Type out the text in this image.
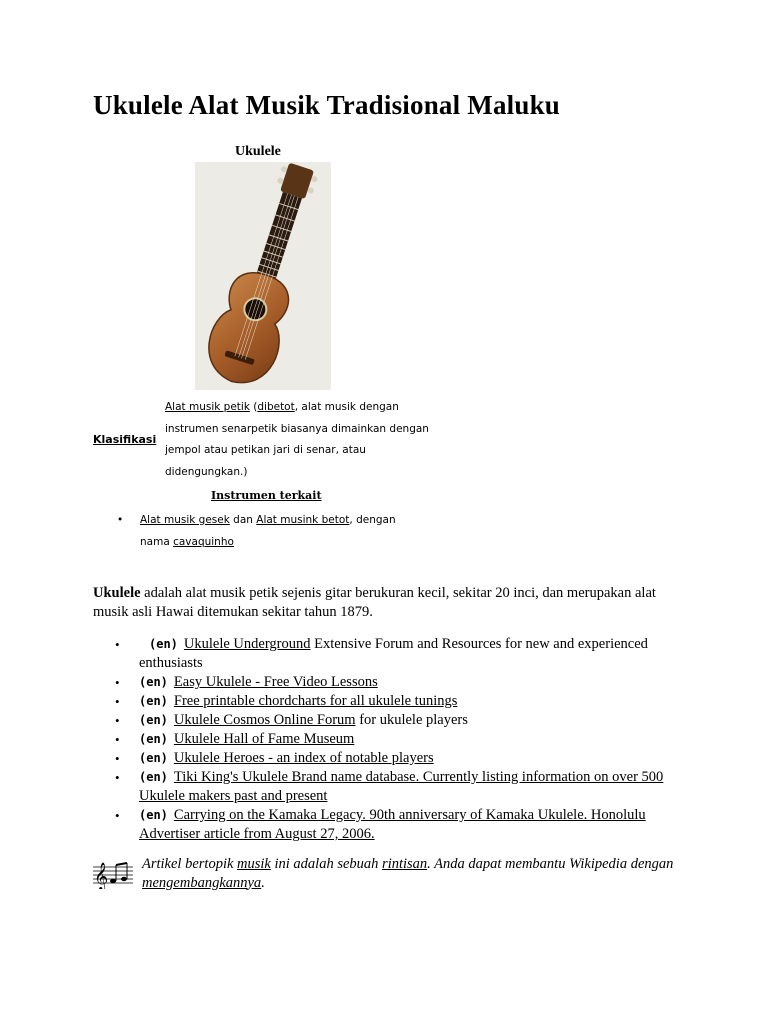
Ukulele Alat Musik Tradisional Maluku
Ukulele
Klasifikasi
Alat musik petik (dibetot, alat musik dengan instrumen senarpetik biasanya dimainkan dengan jempol atau petikan jari di senar, atau didengungkan.)
Instrumen terkait
• Alat musik gesek dan Alat musink betot, dengan nama cavaquinho
Ukulele adalah alat musik petik sejenis gitar berukuran kecil, sekitar 20 inci, dan merupakan alat musik asli Hawai ditemukan sekitar tahun 1879.
• (en) Ukulele Underground Extensive Forum and Resources for new and experienced enthusiasts
• (en) Easy Ukulele - Free Video Lessons
• (en) Free printable chordcharts for all ukulele tunings
• (en) Ukulele Cosmos Online Forum for ukulele players
• (en) Ukulele Hall of Fame Museum
• (en) Ukulele Heroes - an index of notable players
• (en) Tiki King's Ukulele Brand name database. Currently listing information on over 500 Ukulele makers past and present
• (en) Carrying on the Kamaka Legacy. 90th anniversary of Kamaka Ukulele. Honolulu Advertiser article from August 27, 2006.
𝄞 Artikel bertopik musik ini adalah sebuah rintisan. Anda dapat membantu Wikipedia dengan mengembangkannya.
